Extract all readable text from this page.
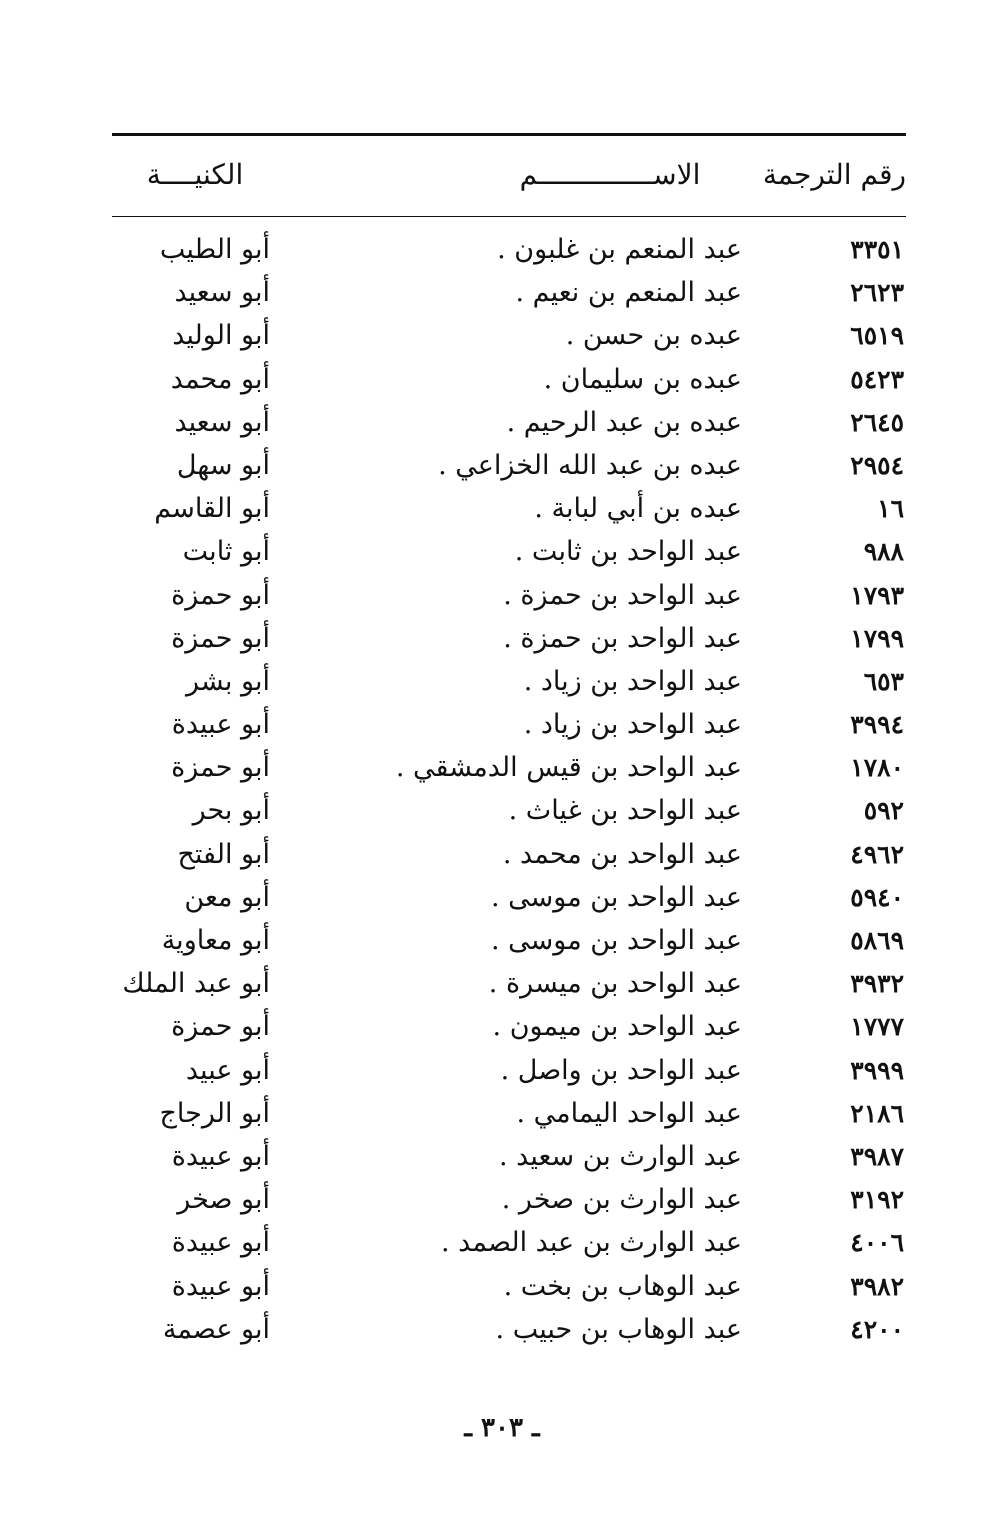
رقم الترجمة
الاســــــــــــــم
الكنيــــة
٣٣٥١
عبد المنعم بن غلبون .
أبو الطيب
٢٦٢٣
عبد المنعم بن نعيم .
أبو سعيد
٦٥١٩
عبده بن حسن .
أبو الوليد
٥٤٢٣
عبده بن سليمان .
أبو محمد
٢٦٤٥
عبده بن عبد الرحيم .
أبو سعيد
٢٩٥٤
عبده بن عبد الله الخزاعي .
أبو سهل
١٦
عبده بن أبي لبابة .
أبو القاسم
٩٨٨
عبد الواحد بن ثابت .
أبو ثابت
١٧٩٣
عبد الواحد بن حمزة .
أبو حمزة
١٧٩٩
عبد الواحد بن حمزة .
أبو حمزة
٦٥٣
عبد الواحد بن زياد .
أبو بشر
٣٩٩٤
عبد الواحد بن زياد .
أبو عبيدة
١٧٨٠
عبد الواحد بن قيس الدمشقي .
أبو حمزة
٥٩٢
عبد الواحد بن غياث .
أبو بحر
٤٩٦٢
عبد الواحد بن محمد .
أبو الفتح
٥٩٤٠
عبد الواحد بن موسى .
أبو معن
٥٨٦٩
عبد الواحد بن موسى .
أبو معاوية
٣٩٣٢
عبد الواحد بن ميسرة .
أبو عبد الملك
١٧٧٧
عبد الواحد بن ميمون .
أبو حمزة
٣٩٩٩
عبد الواحد بن واصل .
أبو عبيد
٢١٨٦
عبد الواحد اليمامي .
أبو الرجاج
٣٩٨٧
عبد الوارث بن سعيد .
أبو عبيدة
٣١٩٢
عبد الوارث بن صخر .
أبو صخر
٤٠٠٦
عبد الوارث بن عبد الصمد .
أبو عبيدة
٣٩٨٢
عبد الوهاب بن بخت .
أبو عبيدة
٤٢٠٠
عبد الوهاب بن حبيب .
أبو عصمة
ـ ٣٠٣ ـ
